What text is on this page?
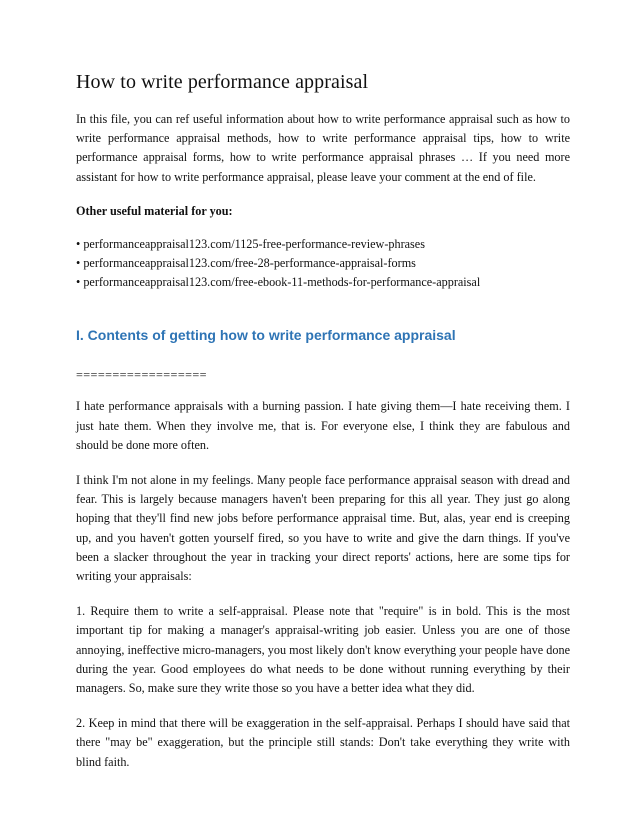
How to write performance appraisal

In this file, you can ref useful information about how to write performance appraisal such as how to write performance appraisal methods, how to write performance appraisal tips, how to write performance appraisal forms, how to write performance appraisal phrases … If you need more assistant for how to write performance appraisal, please leave your comment at the end of file.

Other useful material for you:

• performanceappraisal123.com/1125-free-performance-review-phrases
• performanceappraisal123.com/free-28-performance-appraisal-forms
• performanceappraisal123.com/free-ebook-11-methods-for-performance-appraisal
I. Contents of getting how to write performance appraisal

==================

I hate performance appraisals with a burning passion. I hate giving them—I hate receiving them. I just hate them. When they involve me, that is. For everyone else, I think they are fabulous and should be done more often.

I think I'm not alone in my feelings. Many people face performance appraisal season with dread and fear. This is largely because managers haven't been preparing for this all year. They just go along hoping that they'll find new jobs before performance appraisal time. But, alas, year end is creeping up, and you haven't gotten yourself fired, so you have to write and give the darn things. If you've been a slacker throughout the year in tracking your direct reports' actions, here are some tips for writing your appraisals:

1. Require them to write a self-appraisal. Please note that "require" is in bold. This is the most important tip for making a manager's appraisal-writing job easier. Unless you are one of those annoying, ineffective micro-managers, you most likely don't know everything your people have done during the year. Good employees do what needs to be done without running everything by their managers. So, make sure they write those so you have a better idea what they did.

2. Keep in mind that there will be exaggeration in the self-appraisal. Perhaps I should have said that there "may be" exaggeration, but the principle still stands: Don't take everything they write with blind faith.
